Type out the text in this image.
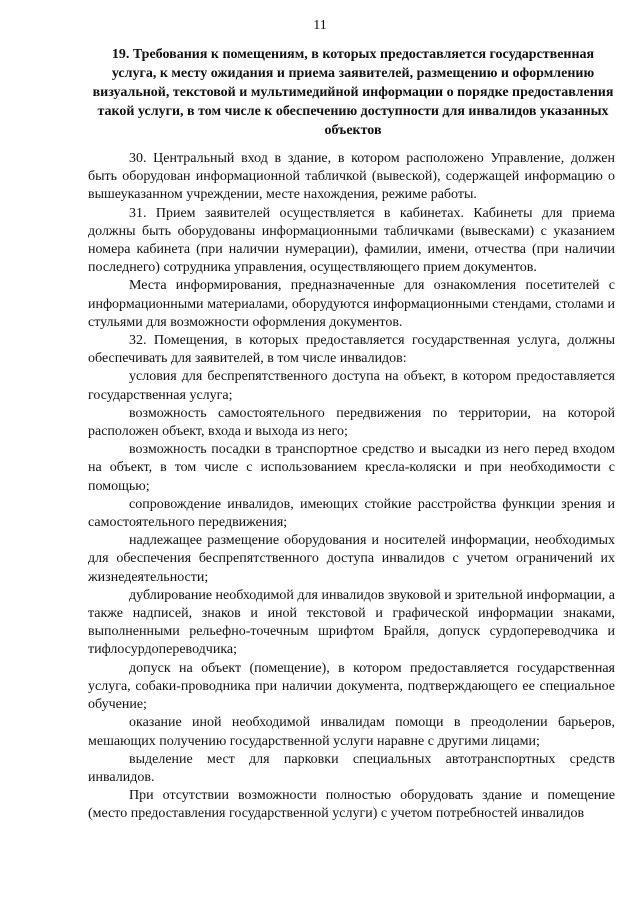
11
19. Требования к помещениям, в которых предоставляется государственная услуга, к месту ожидания и приема заявителей, размещению и оформлению визуальной, текстовой и мультимедийной информации о порядке предоставления такой услуги, в том числе к обеспечению доступности для инвалидов указанных объектов

30. Центральный вход в здание, в котором расположено Управление, должен быть оборудован информационной табличкой (вывеской), содержащей информацию о вышеуказанном учреждении, месте нахождения, режиме работы.

31. Прием заявителей осуществляется в кабинетах. Кабинеты для приема должны быть оборудованы информационными табличками (вывесками) с указанием номера кабинета (при наличии нумерации), фамилии, имени, отчества (при наличии последнего) сотрудника управления, осуществляющего прием документов.

Места информирования, предназначенные для ознакомления посетителей с информационными материалами, оборудуются информационными стендами, столами и стульями для возможности оформления документов.

32. Помещения, в которых предоставляется государственная услуга, должны обеспечивать для заявителей, в том числе инвалидов:

условия для беспрепятственного доступа на объект, в котором предоставляется государственная услуга;

возможность самостоятельного передвижения по территории, на которой расположен объект, входа и выхода из него;

возможность посадки в транспортное средство и высадки из него перед входом на объект, в том числе с использованием кресла-коляски и при необходимости с помощью;

сопровождение инвалидов, имеющих стойкие расстройства функции зрения и самостоятельного передвижения;

надлежащее размещение оборудования и носителей информации, необходимых для обеспечения беспрепятственного доступа инвалидов с учетом ограничений их жизнедеятельности;

дублирование необходимой для инвалидов звуковой и зрительной информации, а также надписей, знаков и иной текстовой и графической информации знаками, выполненными рельефно-точечным шрифтом Брайля, допуск сурдопереводчика и тифлосурдопереводчика;

допуск на объект (помещение), в котором предоставляется государственная услуга, собаки-проводника при наличии документа, подтверждающего ее специальное обучение;

оказание иной необходимой инвалидам помощи в преодолении барьеров, мешающих получению государственной услуги наравне с другими лицами;

выделение мест для парковки специальных автотранспортных средств инвалидов.

При отсутствии возможности полностью оборудовать здание и помещение (место предоставления государственной услуги) с учетом потребностей инвалидов
